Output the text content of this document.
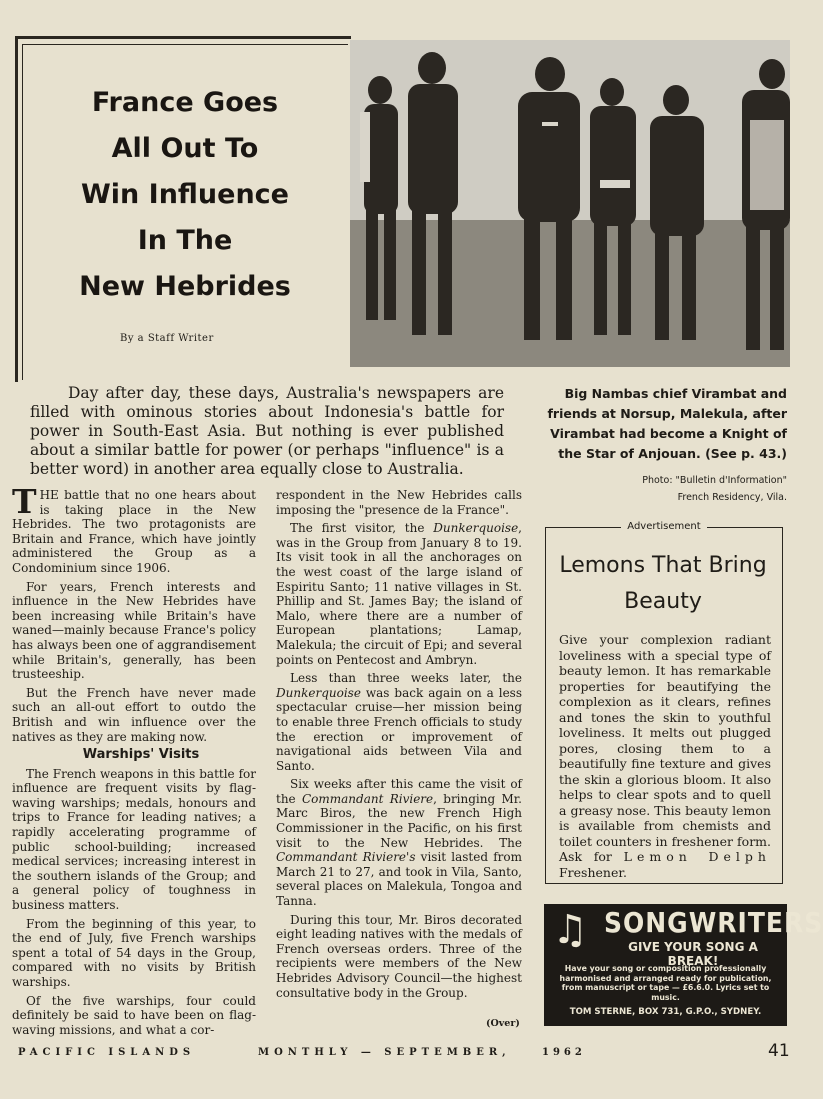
France Goes
All Out To
Win Influence
In The
New Hebrides
By a Staff Writer
Day after day, these days, Australia's newspapers are filled with ominous stories about Indonesia's battle for power in South-East Asia. But nothing is ever published about a similar battle for power (or perhaps "influence" is a better word) in another area equally close to Australia.
Big Nambas chief Virambat and friends at Norsup, Malekula, after Virambat had become a Knight of the Star of Anjouan. (See p. 43.)
Photo: "Bulletin d'Information"
French Residency, Vila.

THE battle that no one hears about is taking place in the New Hebrides. The two protagonists are Britain and France, which have jointly administered the Group as a Condominium since 1906.

For years, French interests and influence in the New Hebrides have been increasing while Britain's have waned—mainly because France's policy has always been one of aggrandisement while Britain's, generally, has been trusteeship.

But the French have never made such an all-out effort to outdo the British and win influence over the natives as they are making now.

Warships' Visits

The French weapons in this battle for influence are frequent visits by flag-waving warships; medals, honours and trips to France for leading natives; a rapidly accelerating programme of public school-building; increased medical services; increasing interest in the southern islands of the Group; and a general policy of toughness in business matters.

From the beginning of this year, to the end of July, five French warships spent a total of 54 days in the Group, compared with no visits by British warships.

Of the five warships, four could definitely be said to have been on flag-waving missions, and what a cor-

respondent in the New Hebrides calls imposing the "presence de la France".

The first visitor, the Dunkerquoise, was in the Group from January 8 to 19. Its visit took in all the anchorages on the west coast of the large island of Espiritu Santo; 11 native villages in St. Phillip and St. James Bay; the island of Malo, where there are a number of European plantations; Lamap, Malekula; the circuit of Epi; and several points on Pentecost and Ambryn.

Less than three weeks later, the Dunkerquoise was back again on a less spectacular cruise—her mission being to enable three French officials to study the erection or improvement of navigational aids between Vila and Santo.

Six weeks after this came the visit of the Commandant Riviere, bringing Mr. Marc Biros, the new French High Commissioner in the Pacific, on his first visit to the New Hebrides. The Commandant Riviere's visit lasted from March 21 to 27, and took in Vila, Santo, several places on Malekula, Tongoa and Tanna.

During this tour, Mr. Biros decorated eight leading natives with the medals of French overseas orders. Three of the recipients were members of the New Hebrides Advisory Council—the highest consultative body in the Group.

(Over)
Advertisement
Lemons That Bring
Beauty
Give your complexion radiant loveliness with a special type of beauty lemon. It has remarkable properties for beautifying the complexion as it clears, refines and tones the skin to youthful loveliness. It melts out plugged pores, closing them to a beautifully fine texture and gives the skin a glorious bloom. It also helps to clear spots and to quell a greasy nose. This beauty lemon is available from chemists and toilet counters in freshener form. Ask for Lemon Delph Freshener.
♫ SONGWRITERS
GIVE YOUR SONG A BREAK!
Have your song or composition professionally harmonised and arranged ready for publication, from manuscript or tape — £6.6.0. Lyrics set to music.
TOM STERNE, BOX 731, G.P.O., SYDNEY.
PACIFIC ISLANDS	MONTHLY — SEPTEMBER,	1962	41
